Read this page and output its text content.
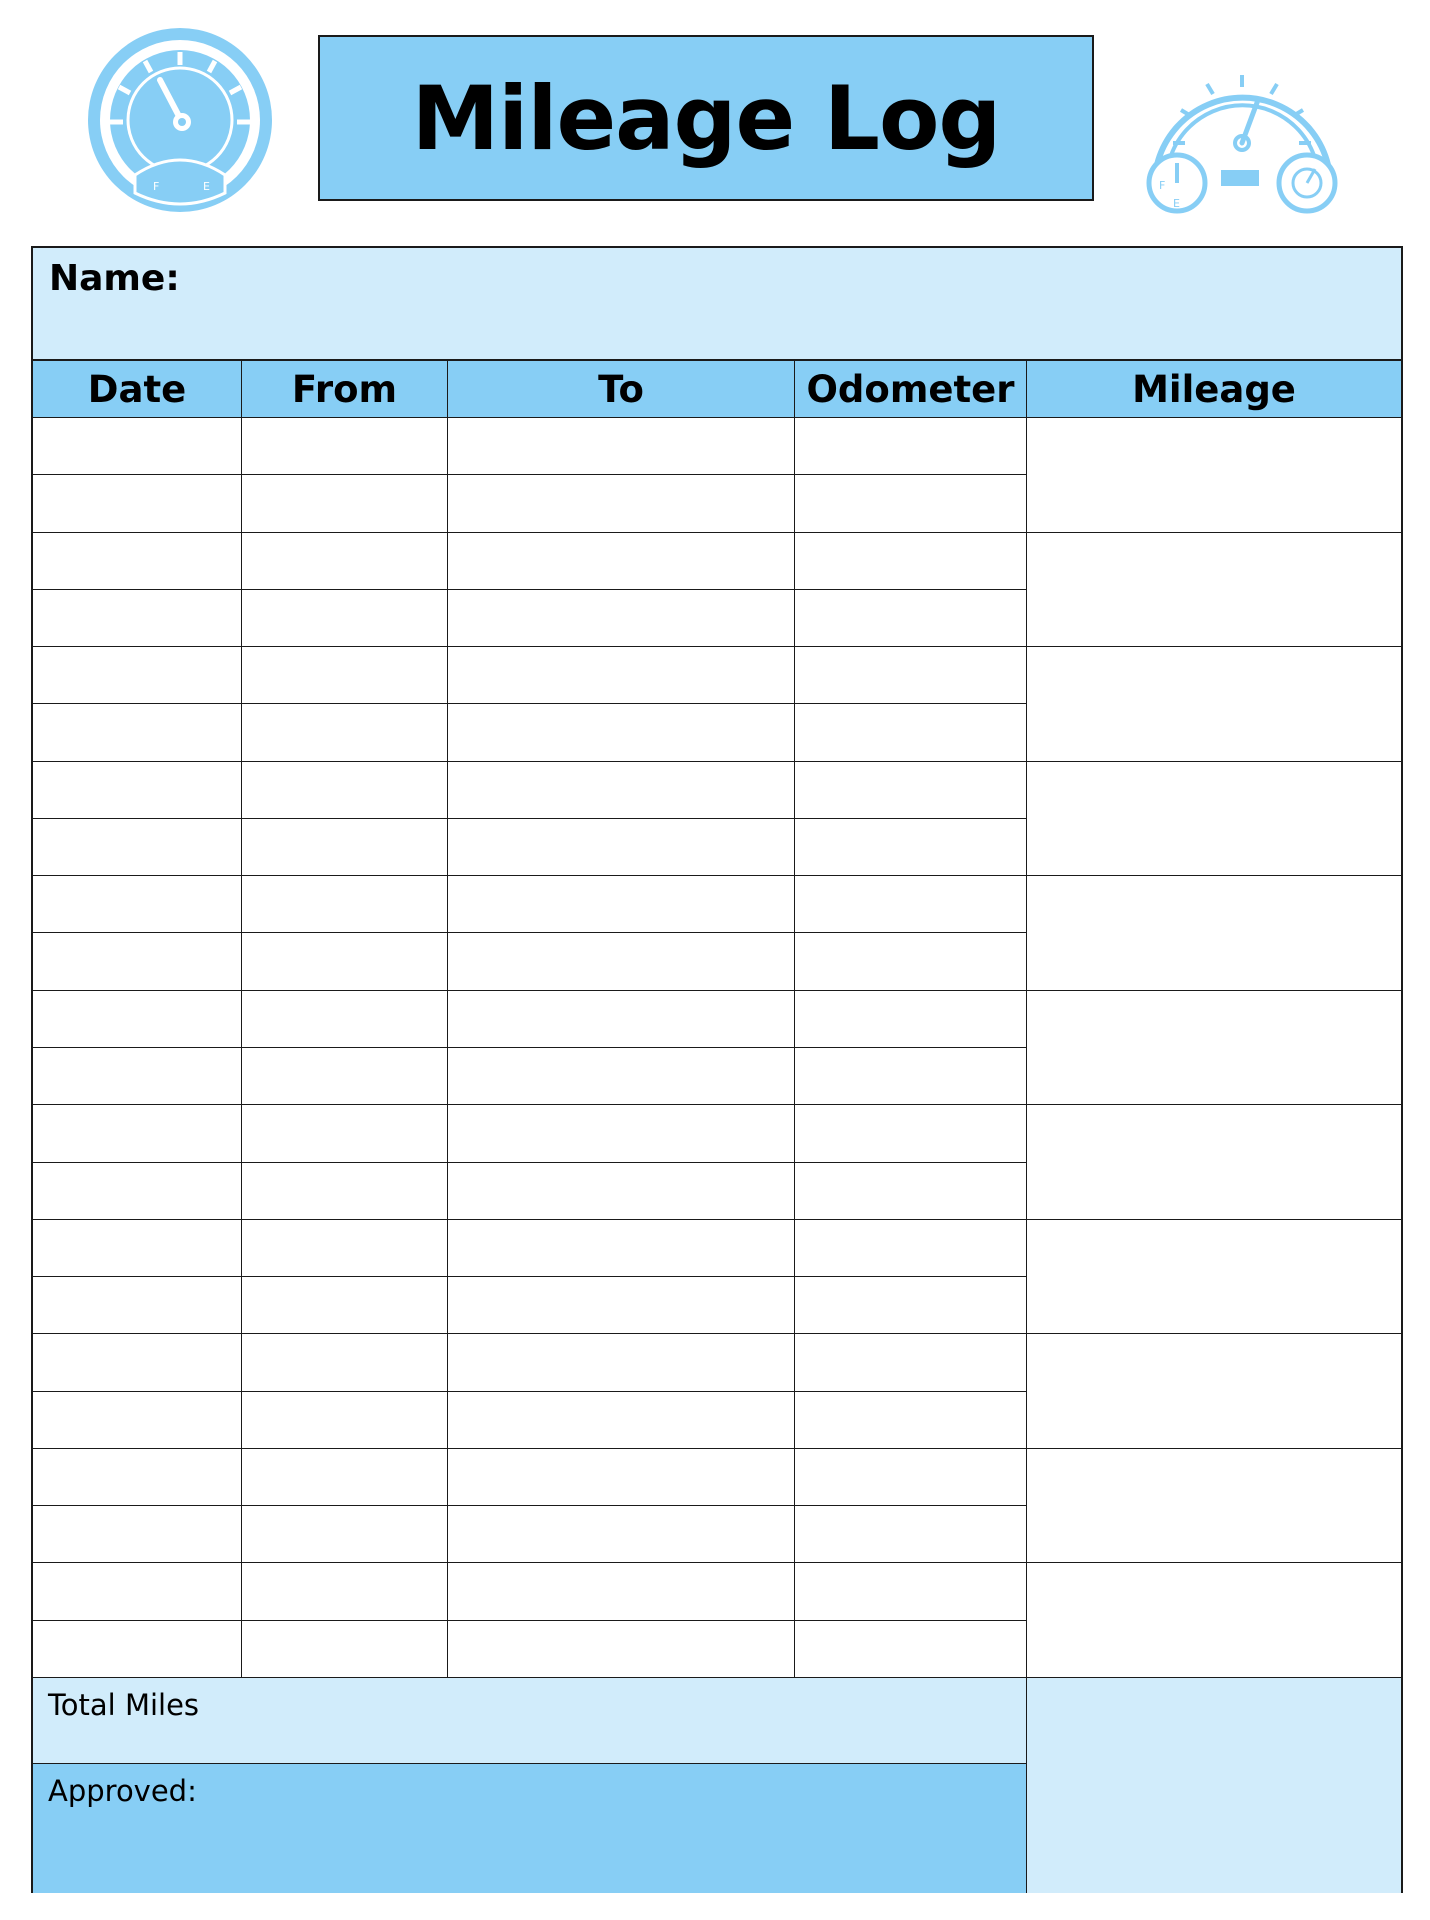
F	E
Mileage Log
F
E
Name:
Date	From	To	Odometer	Mileage
Total Miles
Approved:
